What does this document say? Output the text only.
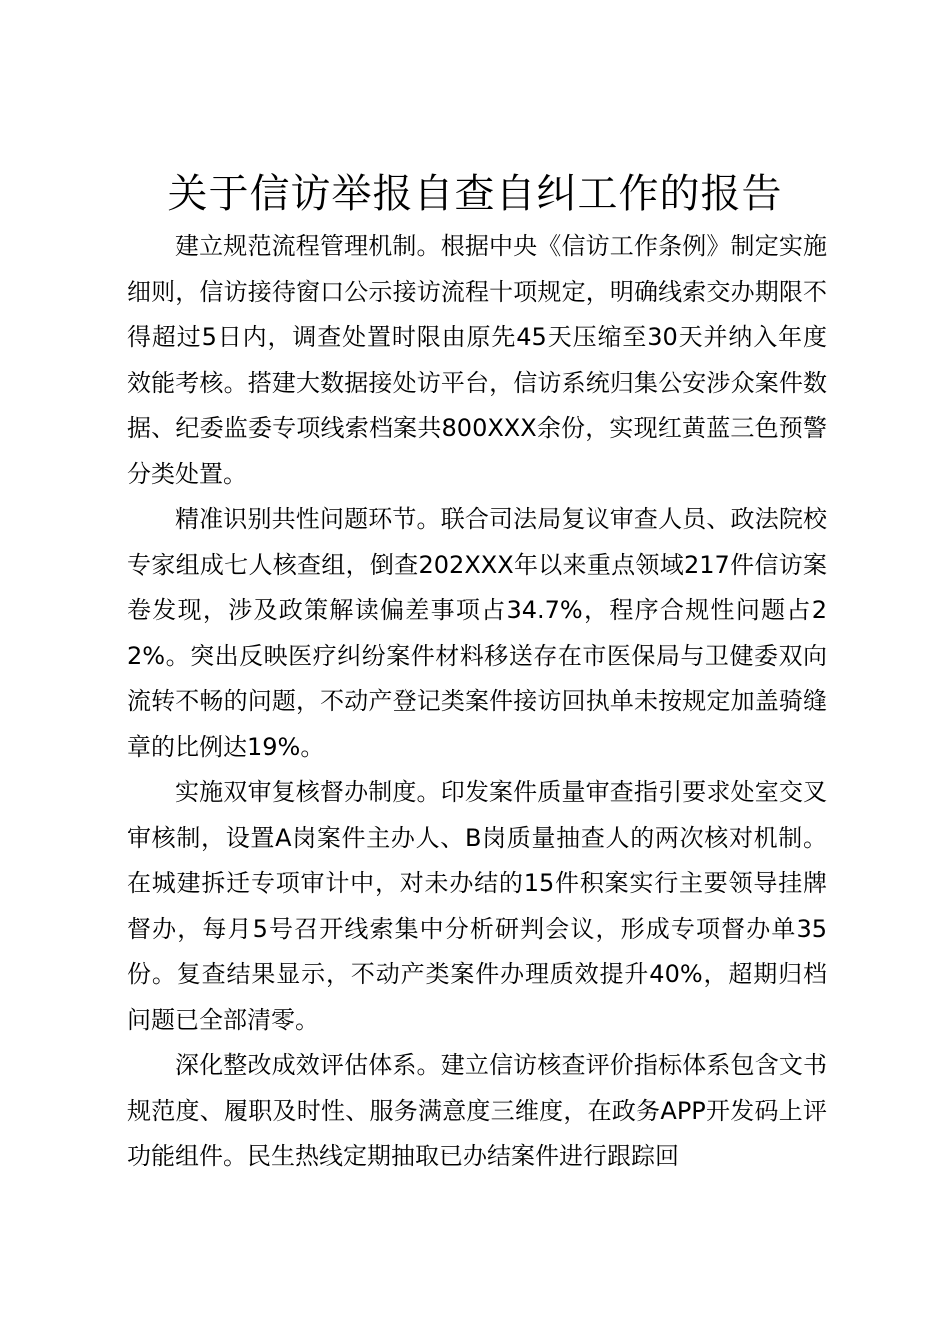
关于信访举报自查自纠工作的报告

建立规范流程管理机制。根据中央《信访工作条例》制定实施细则，信访接待窗口公示接访流程十项规定，明确线索交办期限不得超过5日内，调查处置时限由原先45天压缩至30天并纳入年度效能考核。搭建大数据接处访平台，信访系统归集公安涉众案件数据、纪委监委专项线索档案共800XXX余份，实现红黄蓝三色预警分类处置。

精准识别共性问题环节。联合司法局复议审查人员、政法院校专家组成七人核查组，倒查202XXX年以来重点领域217件信访案卷发现，涉及政策解读偏差事项占34.7%，程序合规性问题占22%。突出反映医疗纠纷案件材料移送存在市医保局与卫健委双向流转不畅的问题，不动产登记类案件接访回执单未按规定加盖骑缝章的比例达19%。

实施双审复核督办制度。印发案件质量审查指引要求处室交叉审核制，设置A岗案件主办人、B岗质量抽查人的两次核对机制。在城建拆迁专项审计中，对未办结的15件积案实行主要领导挂牌督办，每月5号召开线索集中分析研判会议，形成专项督办单35份。复查结果显示，不动产类案件办理质效提升40%，超期归档问题已全部清零。

深化整改成效评估体系。建立信访核查评价指标体系包含文书规范度、履职及时性、服务满意度三维度，在政务APP开发码上评功能组件。民生热线定期抽取已办结案件进行跟踪回
